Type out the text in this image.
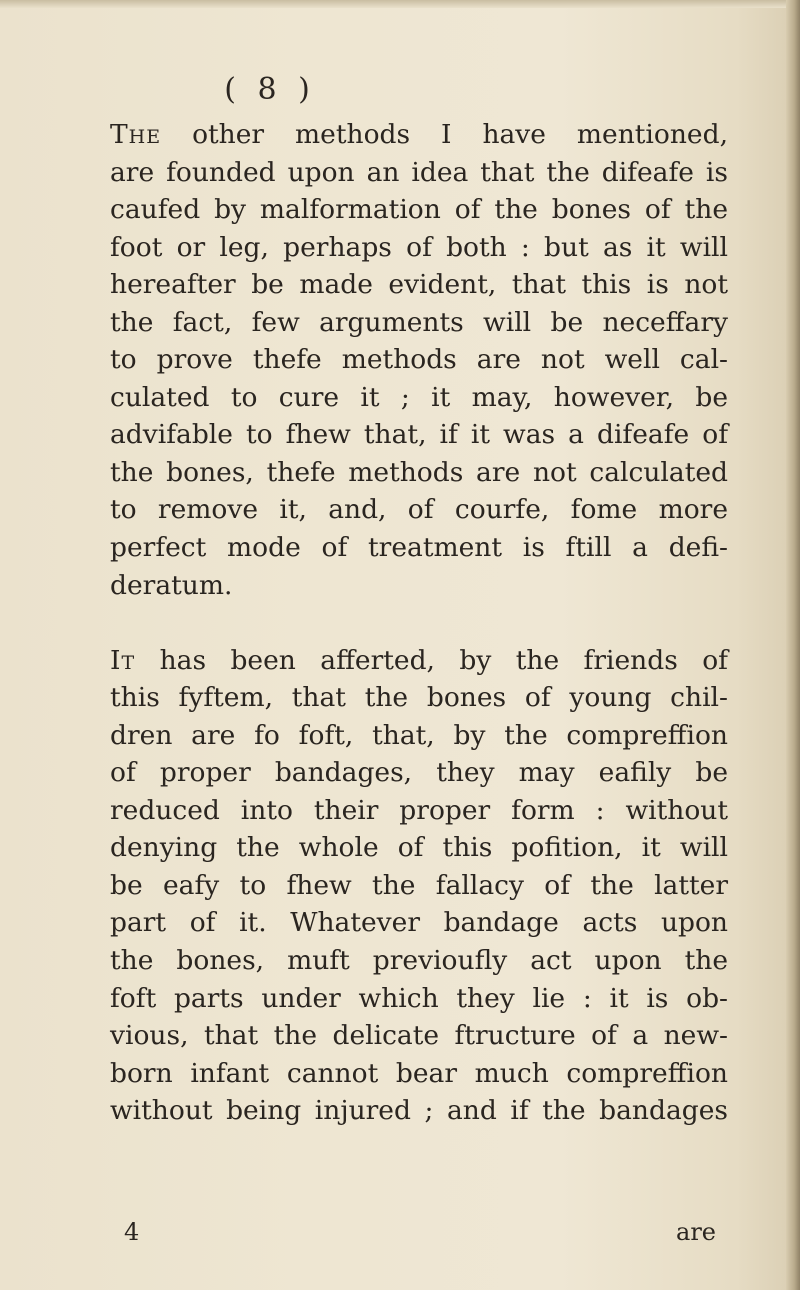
( 8 )
The other methods I have mentioned,
are founded upon an idea that the difeafe is
caufed by malformation of the bones of the
foot or leg, perhaps of both : but as it will
hereafter be made evident, that this is not
the fact, few arguments will be neceffary
to prove thefe methods are not well cal-
culated to cure it ; it may, however, be
advifable to fhew that, if it was a difeafe of
the bones, thefe methods are not calculated
to remove it, and, of courfe, fome more
perfect mode of treatment is ftill a defi-
deratum.
It has been afferted, by the friends of
this fyftem, that the bones of young chil-
dren are fo foft, that, by the compreffion
of proper bandages, they may eafily be
reduced into their proper form : without
denying the whole of this pofition, it will
be eafy to fhew the fallacy of the latter
part of it. Whatever bandage acts upon
the bones, muft previoufly act upon the
foft parts under which they lie : it is ob-
vious, that the delicate ftructure of a new-
born infant cannot bear much compreffion
without being injured ; and if the bandages
4	are
